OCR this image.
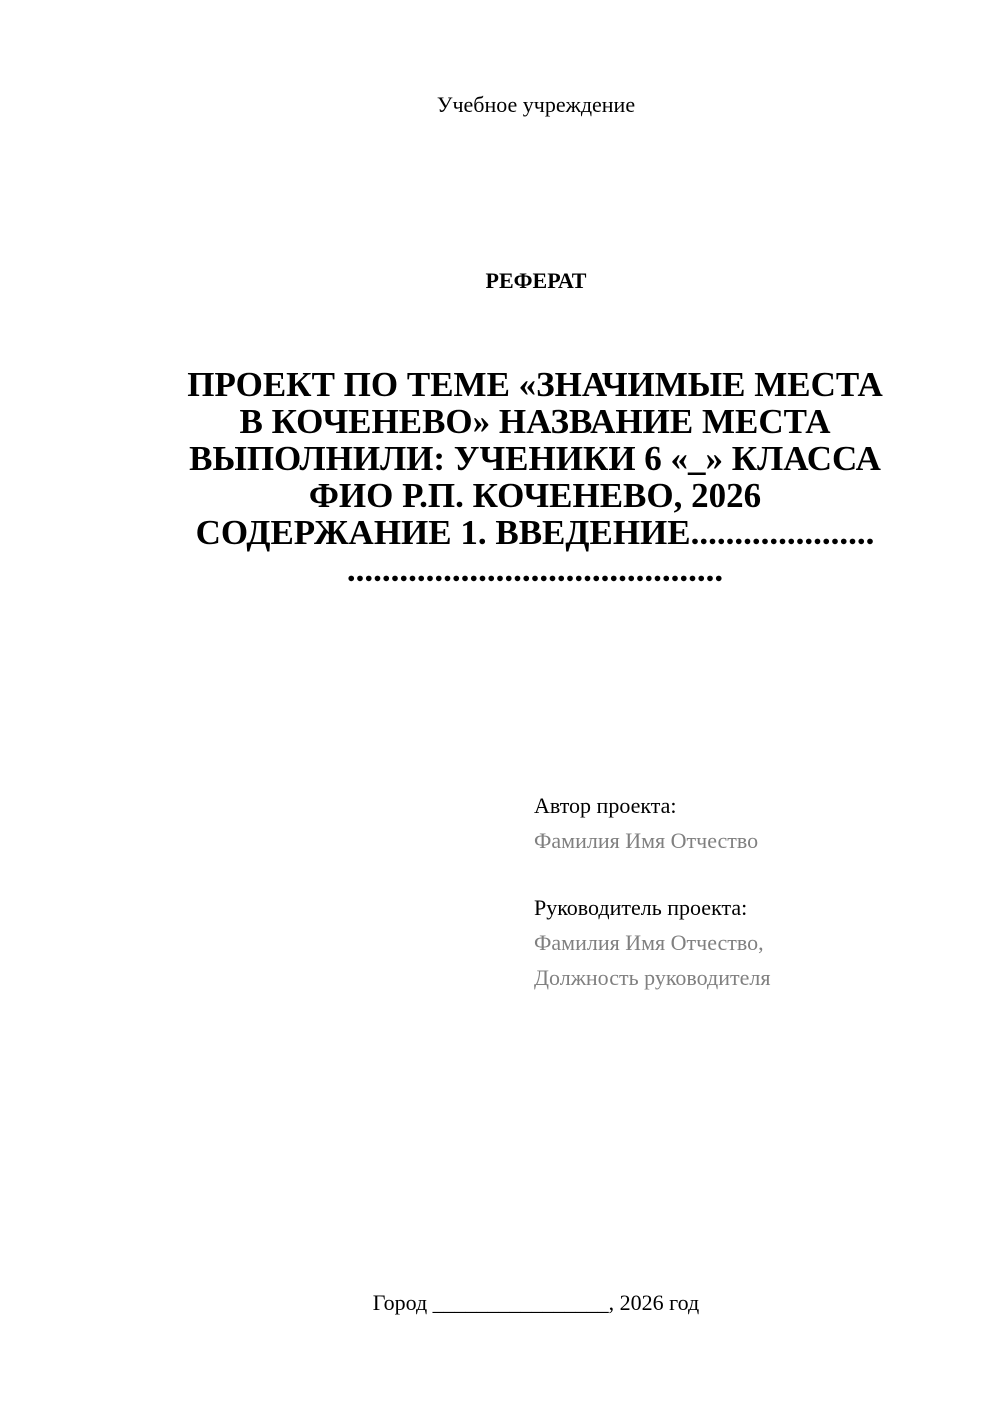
Учебное учреждение
РЕФЕРАТ
ПРОЕКТ ПО ТЕМЕ «ЗНАЧИМЫЕ МЕСТА
В КОЧЕНЕВО» НАЗВАНИЕ МЕСТА
ВЫПОЛНИЛИ: УЧЕНИКИ 6 «_» КЛАССА
ФИО Р.П. КОЧЕНЕВО, 2026
СОДЕРЖАНИЕ 1. ВВЕДЕНИЕ.....................
...........................................
Автор проекта:
Фамилия Имя Отчество
Руководитель проекта:
Фамилия Имя Отчество,
Должность руководителя
Город ________________, 2026 год
